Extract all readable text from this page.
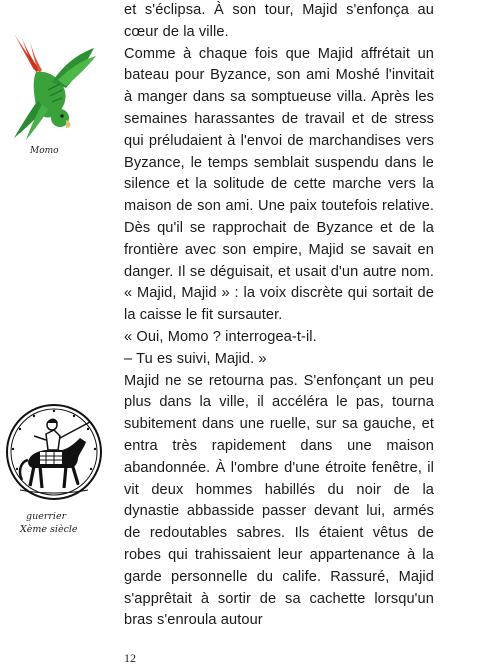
Momo
guerrier
Xème siècle

et s'éclipsa. À son tour, Majid s'enfonça au cœur de la ville.

Comme à chaque fois que Majid affrétait un bateau pour Byzance, son ami Moshé l'invitait à manger dans sa somptueuse villa. Après les semaines harassantes de travail et de stress qui préludaient à l'envoi de marchandises vers Byzance, le temps semblait suspendu dans le silence et la solitude de cette marche vers la maison de son ami. Une paix toutefois relative. Dès qu'il se rapprochait de Byzance et de la frontière avec son empire, Majid se savait en danger. Il se déguisait, et usait d'un autre nom. « Majid, Majid » : la voix discrète qui sortait de la caisse le fit sursauter.

« Oui, Momo ? interrogea-t-il.

– Tu es suivi, Majid. »

Majid ne se retourna pas. S'enfonçant un peu plus dans la ville, il accéléra le pas, tourna subitement dans une ruelle, sur sa gauche, et entra très rapidement dans une maison abandonnée. À l'ombre d'une étroite fenêtre, il vit deux hommes habillés du noir de la dynastie abbasside passer devant lui, armés de redoutables sabres. Ils étaient vêtus de robes qui trahissaient leur appartenance à la garde personnelle du calife. Rassuré, Majid s'apprêtait à sortir de sa cachette lorsqu'un bras s'enroula autour

12
